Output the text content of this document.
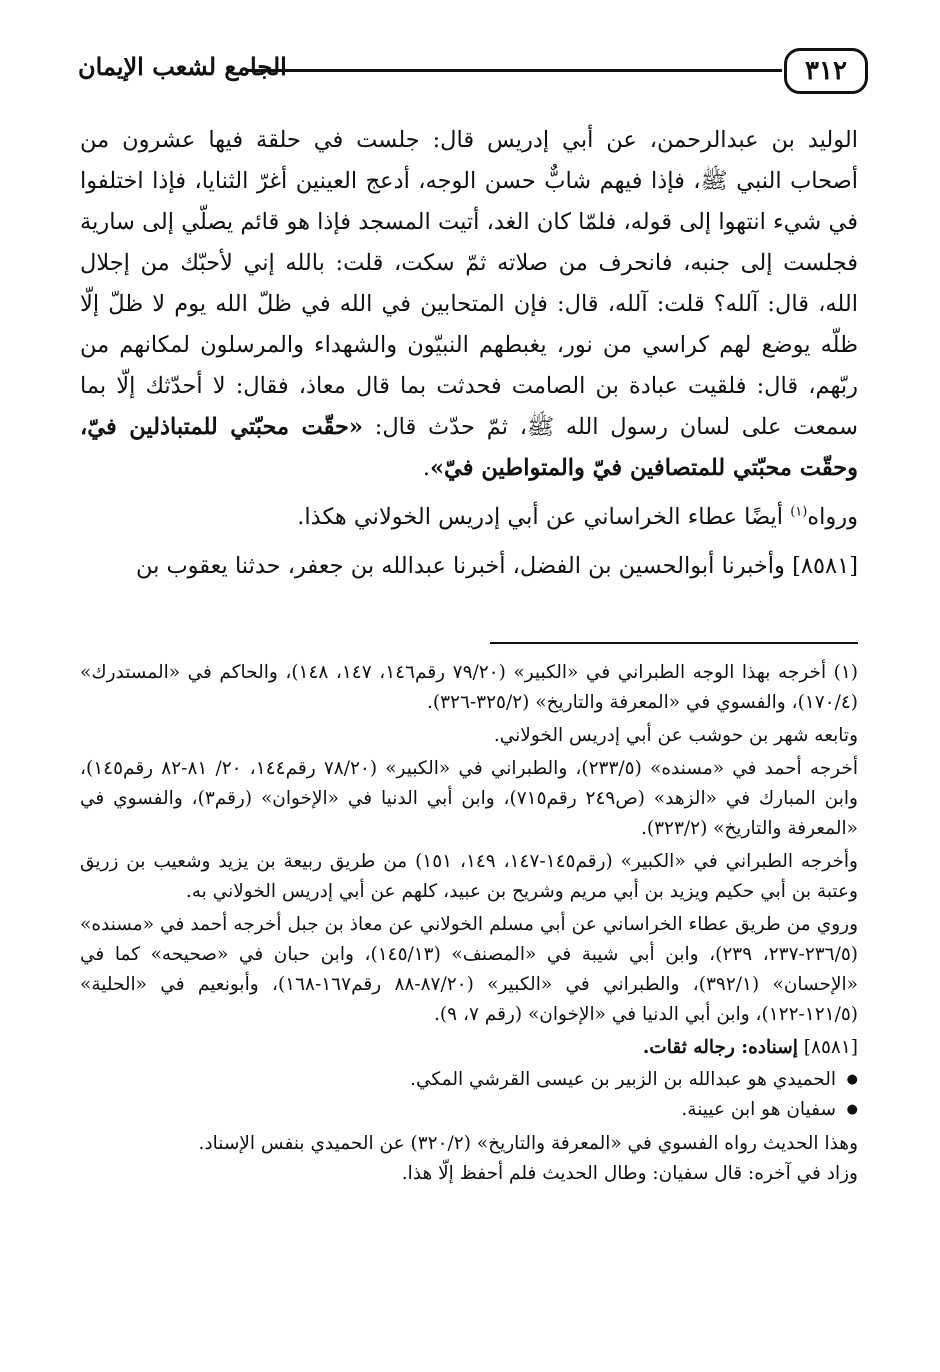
٣١٢
الجامع لشعب الإيمان

الوليد بن عبدالرحمن، عن أبي إدريس قال: جلست في حلقة فيها عشرون من أصحاب النبي ﷺ، فإذا فيهم شابٌّ حسن الوجه، أدعج العينين أغرّ الثنايا، فإذا اختلفوا في شيء انتهوا إلى قوله، فلمّا كان الغد، أتيت المسجد فإذا هو قائم يصلّي إلى سارية فجلست إلى جنبه، فانحرف من صلاته ثمّ سكت، قلت: بالله إني لأحبّك من إجلال الله، قال: آلله؟ قلت: آلله، قال: فإن المتحابين في الله في ظلّ الله يوم لا ظلّ إلّا ظلّه يوضع لهم كراسي من نور، يغبطهم النبيّون والشهداء والمرسلون لمكانهم من ربّهم، قال: فلقيت عبادة بن الصامت فحدثت بما قال معاذ، فقال: لا أحدّثك إلّا بما سمعت على لسان رسول الله ﷺ، ثمّ حدّث قال: «حقّت محبّتي للمتباذلين فيّ، وحقّت محبّتي للمتصافين فيّ والمتواطين فيّ».

ورواه$^{(١)}$ أيضًا عطاء الخراساني عن أبي إدريس الخولاني هكذا.

[٨٥٨١] وأخبرنا أبوالحسين بن الفضل، أخبرنا عبدالله بن جعفر، حدثنا يعقوب بن

(١) أخرجه بهذا الوجه الطبراني في «الكبير» (٧٩/٢٠ رقم١٤٦، ١٤٧، ١٤٨)، والحاكم في «المستدرك» (١٧٠/٤)، والفسوي في «المعرفة والتاريخ» (٣٢٥/٢-٣٢٦).

وتابعه شهر بن حوشب عن أبي إدريس الخولاني.

أخرجه أحمد في «مسنده» (٢٣٣/٥)، والطبراني في «الكبير» (٧٨/٢٠ رقم١٤٤، ٢٠/ ٨١-٨٢ رقم١٤٥)، وابن المبارك في «الزهد» (ص٢٤٩ رقم٧١٥)، وابن أبي الدنيا في «الإخوان» (رقم٣)، والفسوي في «المعرفة والتاريخ» (٣٢٣/٢).

وأخرجه الطبراني في «الكبير» (رقم١٤٥-١٤٧، ١٤٩، ١٥١) من طريق ربيعة بن يزيد وشعيب بن زريق وعتبة بن أبي حكيم ويزيد بن أبي مريم وشريح بن عبيد، كلهم عن أبي إدريس الخولاني به.

وروي من طريق عطاء الخراساني عن أبي مسلم الخولاني عن معاذ بن جبل أخرجه أحمد في «مسنده» (٢٣٦/٥-٢٣٧، ٢٣٩)، وابن أبي شيبة في «المصنف» (١٤٥/١٣)، وابن حبان في «صحيحه» كما في «الإحسان» (٣٩٢/١)، والطبراني في «الكبير» (٨٧/٢٠-٨٨ رقم١٦٧-١٦٨)، وأبونعيم في «الحلية» (١٢١/٥-١٢٢)، وابن أبي الدنيا في «الإخوان» (رقم ٧، ٩).

[٨٥٨١] إسناده: رجاله ثقات.

● الحميدي هو عبدالله بن الزبير بن عيسى القرشي المكي.
● سفيان هو ابن عيينة.

وهذا الحديث رواه الفسوي في «المعرفة والتاريخ» (٣٢٠/٢) عن الحميدي بنفس الإسناد.

وزاد في آخره: قال سفيان: وطال الحديث فلم أحفظ إلّا هذا.
